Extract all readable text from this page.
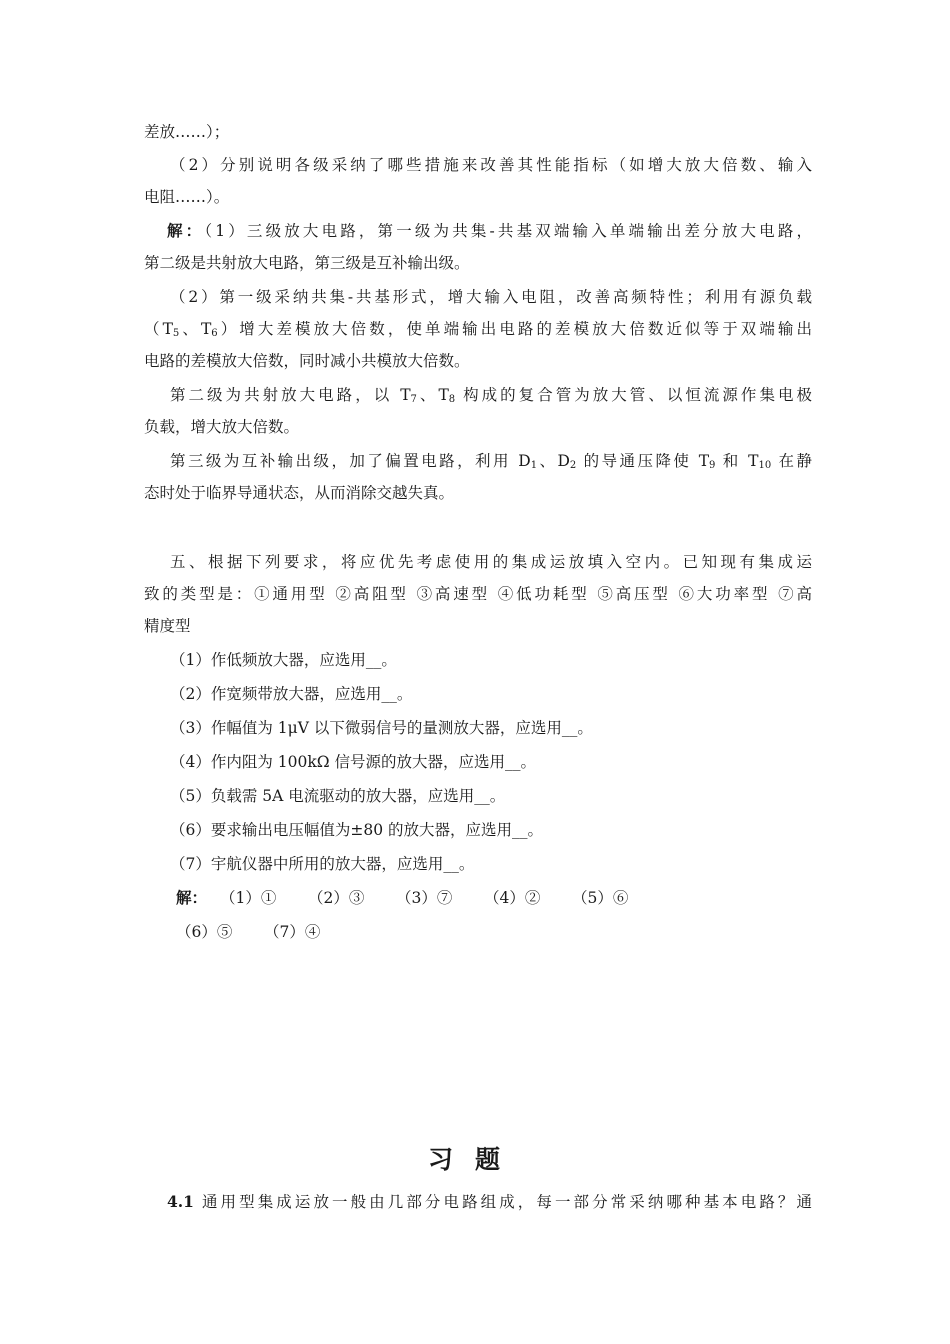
差放……）；
（2）分别说明各级采纳了哪些措施来改善其性能指标（如增大放大倍数、输入
电阻……）。
解：（1）三级放大电路，第一级为共集-共基双端输入单端输出差分放大电路，
第二级是共射放大电路，第三级是互补输出级。
（2）第一级采纳共集-共基形式，增大输入电阻，改善高频特性；利用有源负载
（$T_5$、$T_6$）增大差模放大倍数，使单端输出电路的差模放大倍数近似等于双端输出
电路的差模放大倍数，同时减小共模放大倍数。
第二级为共射放大电路，以 $T_7$、$T_8$ 构成的复合管为放大管、以恒流源作集电极
负载，增大放大倍数。
第三级为互补输出级，加了偏置电路，利用 $D_1$、$D_2$ 的导通压降使 $T_9$ 和 $T_{10}$ 在静
态时处于临界导通状态，从而消除交越失真。
五、根据下列要求，将应优先考虑使用的集成运放填入空内。已知现有集成运
致的类型是：①通用型 ②高阻型 ③高速型 ④低功耗型 ⑤高压型 ⑥大功率型 ⑦高
精度型
（1）作低频放大器，应选用__。
（2）作宽频带放大器，应选用__。
（3）作幅值为 1μV 以下微弱信号的量测放大器，应选用__。
（4）作内阻为 100kΩ 信号源的放大器，应选用__。
（5）负载需 5A 电流驱动的放大器，应选用__。
（6）要求输出电压幅值为±80 的放大器，应选用__。
（7）宇航仪器中所用的放大器，应选用__。
解： （1）① （2）③ （3）⑦ （4）② （5）⑥
（6）⑤ （7）④
习题
4.1 通用型集成运放一般由几部分电路组成，每一部分常采纳哪种基本电路？通
